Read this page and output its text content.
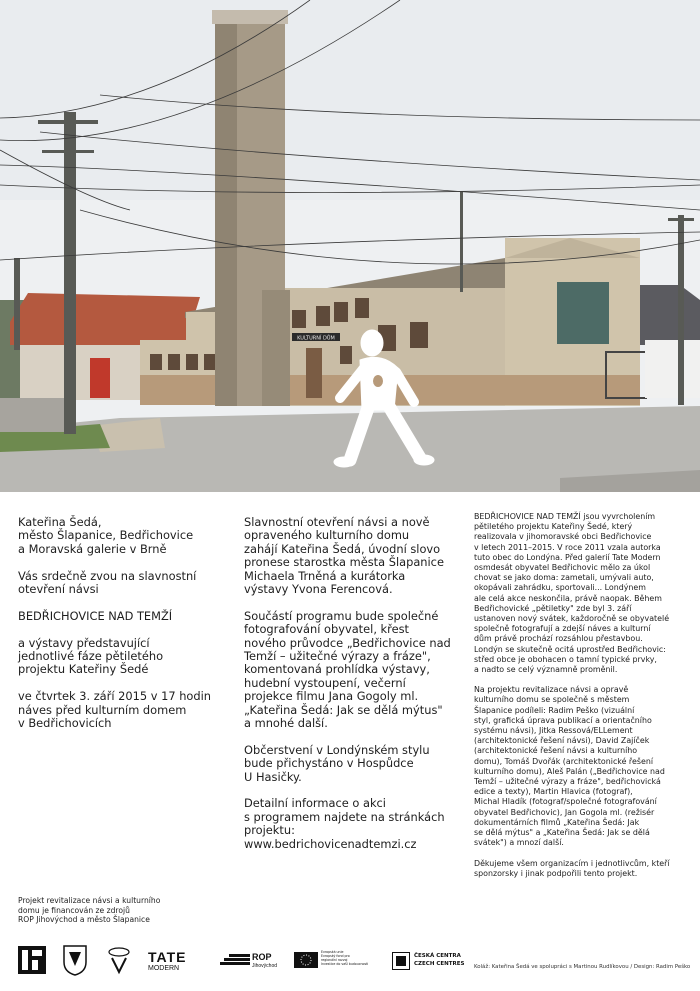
KULTURNÍ DŮM

Kateřina Šedá,
město Šlapanice, Bedřichovice
a Moravská galerie v Brně

Vás srdečně zvou na slavnostní
otevření návsi

BEDŘICHOVICE NAD TEMŽÍ

a výstavy představující
jednotlivé fáze pětiletého
projektu Kateřiny Šedé

ve čtvrtek 3. září 2015 v 17 hodin
náves před kulturním domem
v Bedřichovicích

Slavnostní otevření návsi a nově
opraveného kulturního domu
zahájí Kateřina Šedá, úvodní slovo
pronese starostka města Šlapanice
Michaela Trněná a kurátorka
výstavy Yvona Ferencová.

Součástí programu bude společné
fotografování obyvatel, křest
nového průvodce „Bedřichovice nad
Temží – užitečné výrazy a fráze",
komentovaná prohlídka výstavy,
hudební vystoupení, večerní
projekce filmu Jana Gogoly ml.
„Kateřina Šedá: Jak se dělá mýtus"
a mnohé další.

Občerstvení v Londýnském stylu
bude přichystáno v Hospůdce
U Hasičky.

Detailní informace o akci
s programem najdete na stránkách
projektu:
www.bedrichovicenadtemzi.cz

BEDŘICHOVICE NAD TEMŽÍ jsou vyvrcholením
pětiletého projektu Kateřiny Šedé, který
realizovala v jihomoravské obci Bedřichovice
v letech 2011–2015. V roce 2011 vzala autorka
tuto obec do Londýna. Před galerií Tate Modern
osmdesát obyvatel Bedřichovic mělo za úkol
chovat se jako doma: zametali, umývali auto,
okopávali zahrádku, sportovali... Londýnem
ale celá akce neskončila, právě naopak. Během
Bedřichovické „pětiletky" zde byl 3. září
ustanoven nový svátek, každoročně se obyvatelé
společně fotografují a zdejší náves a kulturní
dům právě prochází rozsáhlou přestavbou.
Londýn se skutečně ocitá uprostřed Bedřichovic:
střed obce je obohacen o tamní typické prvky,
a nadto se celý významně proměnil.

Na projektu revitalizace návsi a opravě
kulturního domu se společně s městem
Šlapanice podíleli: Radim Peško (vizuální
styl, grafická úprava publikací a orientačního
systému návsi), Jitka Ressová/ELLement
(architektonické řešení návsi), David Zajíček
(architektonické řešení návsi a kulturního
domu), Tomáš Dvořák (architektonické řešení
kulturního domu), Aleš Palán („Bedřichovice nad
Temží – užitečné výrazy a fráze", bedřichovická
edice a texty), Martin Hlavica (fotograf),
Michal Hladík (fotograf/společné fotografování
obyvatel Bedřichovic), Jan Gogola ml. (režisér
dokumentárních filmů „Kateřina Šedá: Jak
se dělá mýtus" a „Kateřina Šedá: Jak se dělá
svátek") a mnozí další.

Děkujeme všem organizacím i jednotlivcům, kteří
sponzorsky i jinak podpořili tento projekt.

Projekt revitalizace návsi a kulturního
domu je financován ze zdrojů
ROP Jihovýchod a město Šlapanice
TATE
MODERN
ROP
Jihovýchod
Evropská unie
Evropský fond pro
regionální rozvoj
Investice do vaší budoucnosti
ČESKÁ CENTRA
CZECH CENTRES Koláž: Kateřina Šedá ve spolupráci s Martinou Rudlíkovou / Design: Radim Peško
